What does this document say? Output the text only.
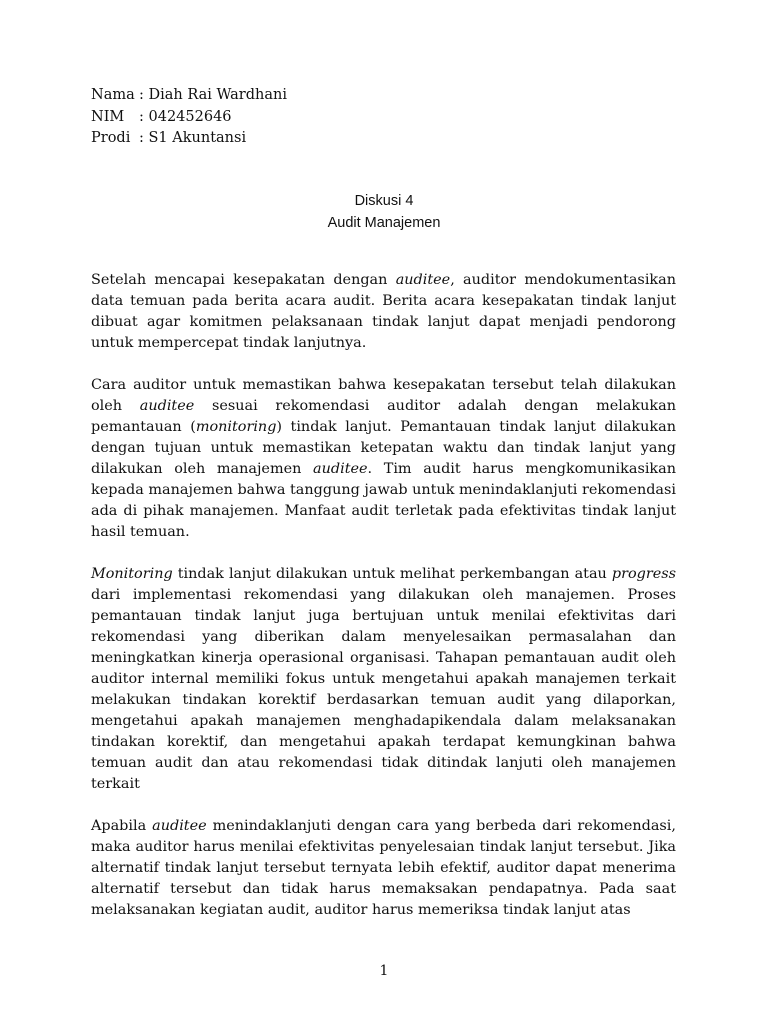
Nama : Diah Rai Wardhani
NIM	: 042452646
Prodi : S1 Akuntansi
Diskusi 4
Audit Manajemen

Setelah mencapai kesepakatan dengan auditee, auditor mendokumentasikan data temuan pada berita acara audit. Berita acara kesepakatan tindak lanjut dibuat agar komitmen pelaksanaan tindak lanjut dapat menjadi pendorong untuk mempercepat tindak lanjutnya.

Cara auditor untuk memastikan bahwa kesepakatan tersebut telah dilakukan oleh auditee sesuai rekomendasi auditor adalah dengan melakukan pemantauan (monitoring) tindak lanjut. Pemantauan tindak lanjut dilakukan dengan tujuan untuk memastikan ketepatan waktu dan tindak lanjut yang dilakukan oleh manajemen auditee. Tim audit harus mengkomunikasikan kepada manajemen bahwa tanggung jawab untuk menindaklanjuti rekomendasi ada di pihak manajemen. Manfaat audit terletak pada efektivitas tindak lanjut hasil temuan.

Monitoring tindak lanjut dilakukan untuk melihat perkembangan atau progress dari implementasi rekomendasi yang dilakukan oleh manajemen. Proses pemantauan tindak lanjut juga bertujuan untuk menilai efektivitas dari rekomendasi yang diberikan dalam menyelesaikan permasalahan dan meningkatkan kinerja operasional organisasi. Tahapan pemantauan audit oleh auditor internal memiliki fokus untuk mengetahui apakah manajemen terkait melakukan tindakan korektif berdasarkan temuan audit yang dilaporkan, mengetahui apakah manajemen menghadapikendala dalam melaksanakan tindakan korektif, dan mengetahui apakah terdapat kemungkinan bahwa temuan audit dan atau rekomendasi tidak ditindak lanjuti oleh manajemen terkait

Apabila auditee menindaklanjuti dengan cara yang berbeda dari rekomendasi, maka auditor harus menilai efektivitas penyelesaian tindak lanjut tersebut. Jika alternatif tindak lanjut tersebut ternyata lebih efektif, auditor dapat menerima alternatif tersebut dan tidak harus memaksakan pendapatnya. Pada saat melaksanakan kegiatan audit, auditor harus memeriksa tindak lanjut atas

1
